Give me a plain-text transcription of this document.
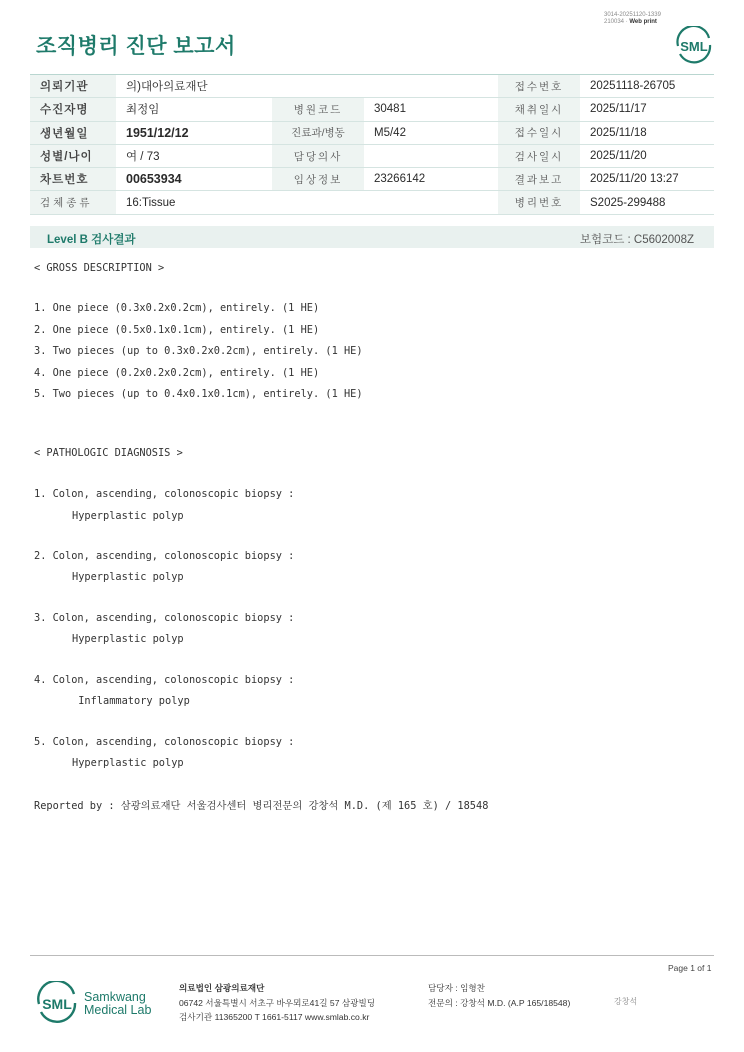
3014-20251120-1339
210034 · Web print
조직병리 진단 보고서	SML
의뢰기관	의)대아의료재단			접수번호	20251118-26705
수진자명	최정임	병원코드	30481	채취일시	2025/11/17
생년월일	1951/12/12	진료과/병동	M5/42	접수일시	2025/11/18
성별/나이	여 / 73	담당의사		검사일시	2025/11/20
차트번호	00653934	임상정보	23266142	결과보고	2025/11/20 13:27
검체종류	16:Tissue			병리번호	S2025-299488
Level B 검사결과	보험코드 : C5602008Z
< GROSS DESCRIPTION >
1. One piece (0.3x0.2x0.2cm), entirely. (1 HE)
2. One piece (0.5x0.1x0.1cm), entirely. (1 HE)
3. Two pieces (up to 0.3x0.2x0.2cm), entirely. (1 HE)
4. One piece (0.2x0.2x0.2cm), entirely. (1 HE)
5. Two pieces (up to 0.4x0.1x0.1cm), entirely. (1 HE)
< PATHOLOGIC DIAGNOSIS >
1. Colon, ascending, colonoscopic biopsy :
Hyperplastic polyp
2. Colon, ascending, colonoscopic biopsy :
Hyperplastic polyp
3. Colon, ascending, colonoscopic biopsy :
Hyperplastic polyp
4. Colon, ascending, colonoscopic biopsy :
Inflammatory polyp
5. Colon, ascending, colonoscopic biopsy :
Hyperplastic polyp
Reported by : 삼광의료재단 서울검사센터 병리전문의 강창석 M.D. (제 165 호) / 18548
Page 1 of 1
SML Samkwang
Medical Lab
의료법인 삼광의료재단
06742 서울특별시 서초구 바우뫼로41길 57 삼광빌딩
검사기관 11365200 T 1661-5117 www.smlab.co.kr
담당자 : 임형찬
전문의 : 강창석 M.D. (A.P 165/18548)	강창석
